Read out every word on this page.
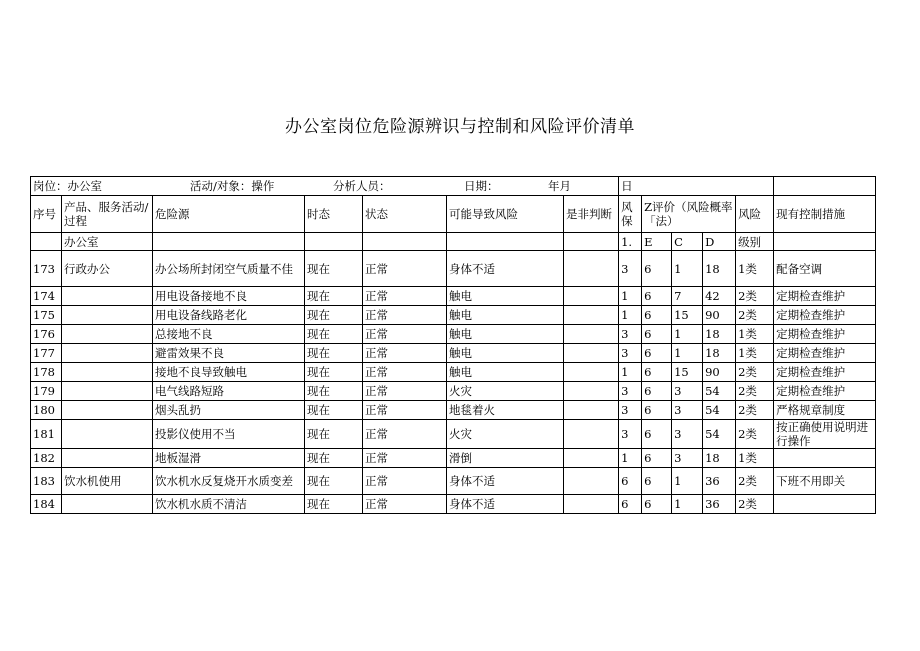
办公室岗位危险源辨识与控制和风险评价清单
岗位：办公室 活动/对象：操作 分析人员： 日期： 年月							日					
序号	产品、服务活动/过程	危险源	时态	状态	可能导致风险	是非判断	风保	Z评价（风险概率「法）			风险	现有控制措施
	办公室						1.	E	C	D	级别	
173	行政办公	办公场所封闭空气质量不佳	现在	正常	身体不适		3	6	1	18	1类	配备空调
174		用电设备接地不良	现在	正常	触电		1	6	7	42	2类	定期检查维护
175		用电设备线路老化	现在	正常	触电		1	6	15	90	2类	定期检查维护
176		总接地不良	现在	正常	触电		3	6	1	18	1类	定期检查维护
177		避雷效果不良	现在	正常	触电		3	6	1	18	1类	定期检查维护
178		接地不良导致触电	现在	正常	触电		1	6	15	90	2类	定期检查维护
179		电气线路短路	现在	正常	火灾		3	6	3	54	2类	定期检查维护
180		烟头乱扔	现在	正常	地毯着火		3	6	3	54	2类	严格规章制度
181		投影仪使用不当	现在	正常	火灾		3	6	3	54	2类	按正确使用说明进行操作
182		地板湿滑	现在	正常	滑倒		1	6	3	18	1类	
183	饮水机使用	饮水机水反复烧开水质变差	现在	正常	身体不适		6	6	1	36	2类	下班不用即关
184		饮水机水质不清洁	现在	正常	身体不适		6	6	1	36	2类	
